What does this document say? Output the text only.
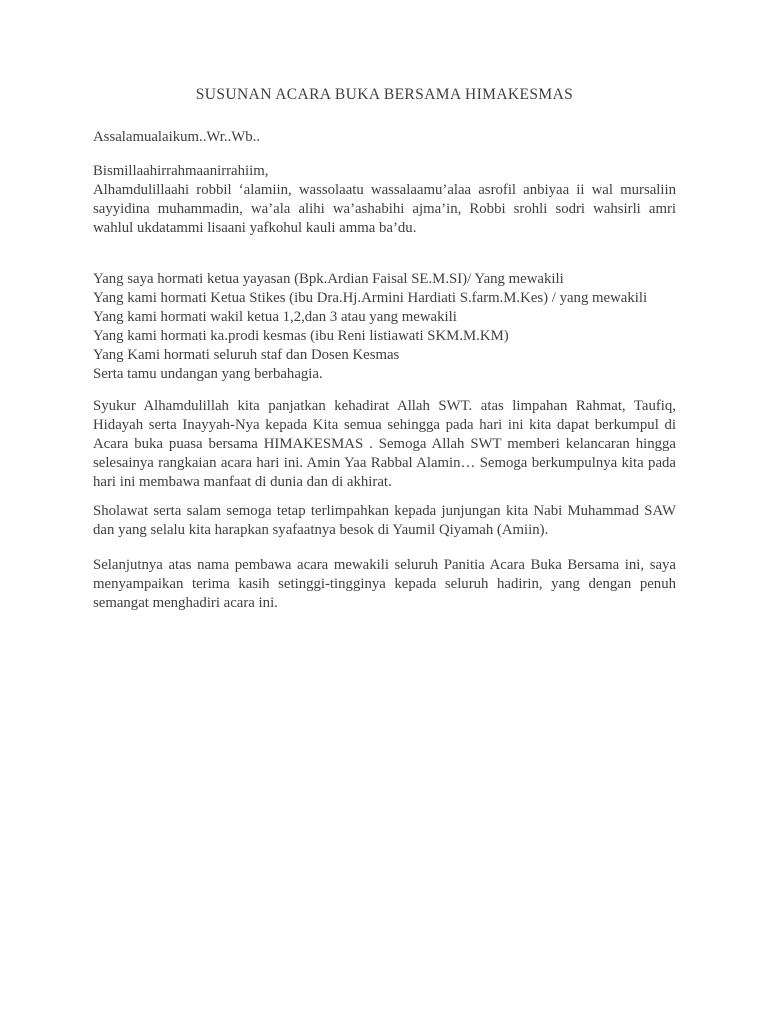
SUSUNAN ACARA BUKA BERSAMA HIMAKESMAS
Assalamualaikum..Wr..Wb..
Bismillaahirrahmaanirrahiim,
Alhamdulillaahi robbil ‘alamiin, wassolaatu wassalaamu’alaa asrofil anbiyaa ii wal mursaliin sayyidina muhammadin, wa’ala alihi wa’ashabihi ajma’in, Robbi srohli sodri wahsirli amri wahlul ukdatammi lisaani yafkohul kauli amma ba’du.
Yang saya hormati ketua yayasan (Bpk.Ardian Faisal SE.M.SI)/ Yang mewakili
Yang kami hormati Ketua Stikes (ibu Dra.Hj.Armini Hardiati S.farm.M.Kes) / yang mewakili
Yang kami hormati wakil ketua 1,2,dan 3 atau yang mewakili
Yang kami hormati ka.prodi kesmas (ibu Reni listiawati SKM.M.KM)
Yang Kami hormati seluruh staf dan Dosen Kesmas
Serta tamu undangan yang berbahagia.

Syukur Alhamdulillah kita panjatkan kehadirat Allah SWT. atas limpahan Rahmat, Taufiq, Hidayah serta Inayyah-Nya kepada Kita semua sehingga pada hari ini kita dapat berkumpul di Acara buka puasa bersama HIMAKESMAS . Semoga Allah SWT memberi kelancaran hingga selesainya rangkaian acara hari ini. Amin Yaa Rabbal Alamin… Semoga berkumpulnya kita pada hari ini membawa manfaat di dunia dan di akhirat.

Sholawat serta salam semoga tetap terlimpahkan kepada junjungan kita Nabi Muhammad SAW dan yang selalu kita harapkan syafaatnya besok di Yaumil Qiyamah (Amiin).

Selanjutnya atas nama pembawa acara mewakili seluruh Panitia Acara Buka Bersama ini, saya menyampaikan terima kasih setinggi-tingginya kepada seluruh hadirin, yang dengan penuh semangat menghadiri acara ini.
